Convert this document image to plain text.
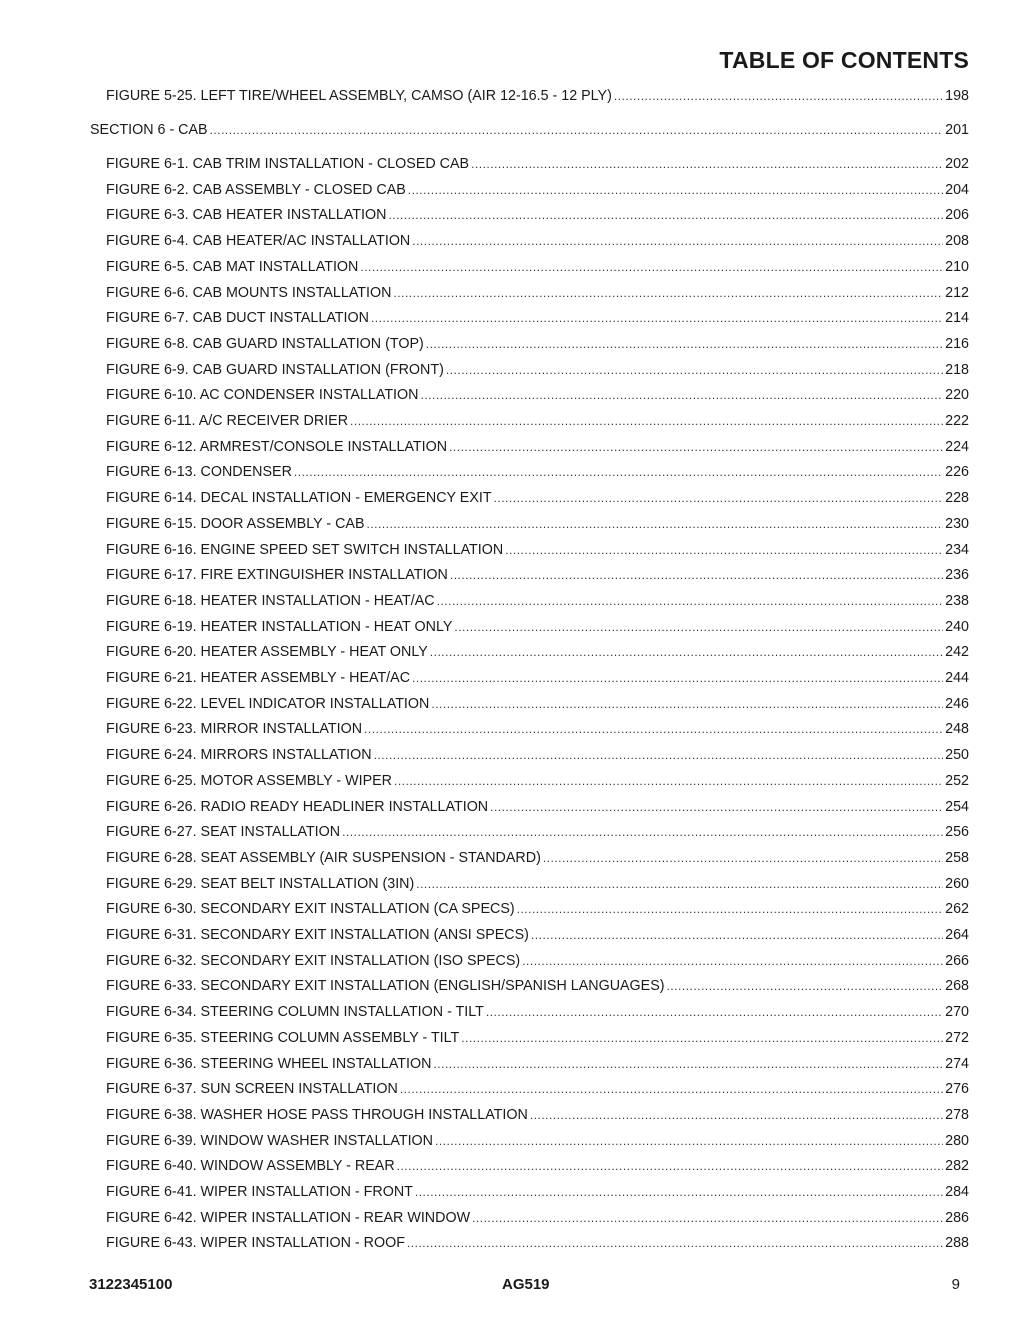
TABLE OF CONTENTS
FIGURE 5-25. LEFT TIRE/WHEEL ASSEMBLY, CAMSO (AIR 12-16.5 - 12 PLY) .....	198
SECTION 6 - CAB .....	201
FIGURE 6-1. CAB TRIM INSTALLATION - CLOSED CAB .....	202
FIGURE 6-2. CAB ASSEMBLY - CLOSED CAB .....	204
FIGURE 6-3. CAB HEATER INSTALLATION .....	206
FIGURE 6-4. CAB HEATER/AC INSTALLATION .....	208
FIGURE 6-5. CAB MAT INSTALLATION .....	210
FIGURE 6-6. CAB MOUNTS INSTALLATION .....	212
FIGURE 6-7. CAB DUCT INSTALLATION .....	214
FIGURE 6-8. CAB GUARD INSTALLATION (TOP) .....	216
FIGURE 6-9. CAB GUARD INSTALLATION (FRONT) .....	218
FIGURE 6-10. AC CONDENSER INSTALLATION .....	220
FIGURE 6-11. A/C RECEIVER DRIER .....	222
FIGURE 6-12. ARMREST/CONSOLE INSTALLATION .....	224
FIGURE 6-13. CONDENSER .....	226
FIGURE 6-14. DECAL INSTALLATION - EMERGENCY EXIT .....	228
FIGURE 6-15. DOOR ASSEMBLY - CAB .....	230
FIGURE 6-16. ENGINE SPEED SET SWITCH INSTALLATION .....	234
FIGURE 6-17. FIRE EXTINGUISHER INSTALLATION .....	236
FIGURE 6-18. HEATER INSTALLATION - HEAT/AC .....	238
FIGURE 6-19. HEATER INSTALLATION - HEAT ONLY .....	240
FIGURE 6-20. HEATER ASSEMBLY - HEAT ONLY .....	242
FIGURE 6-21. HEATER ASSEMBLY - HEAT/AC .....	244
FIGURE 6-22. LEVEL INDICATOR INSTALLATION .....	246
FIGURE 6-23. MIRROR INSTALLATION .....	248
FIGURE 6-24. MIRRORS INSTALLATION .....	250
FIGURE 6-25. MOTOR ASSEMBLY - WIPER .....	252
FIGURE 6-26. RADIO READY HEADLINER INSTALLATION .....	254
FIGURE 6-27. SEAT INSTALLATION .....	256
FIGURE 6-28. SEAT ASSEMBLY (AIR SUSPENSION - STANDARD) .....	258
FIGURE 6-29. SEAT BELT INSTALLATION (3IN) .....	260
FIGURE 6-30. SECONDARY EXIT INSTALLATION (CA SPECS) .....	262
FIGURE 6-31. SECONDARY EXIT INSTALLATION (ANSI SPECS) .....	264
FIGURE 6-32. SECONDARY EXIT INSTALLATION (ISO SPECS) .....	266
FIGURE 6-33. SECONDARY EXIT INSTALLATION (ENGLISH/SPANISH LANGUAGES) .....	268
FIGURE 6-34. STEERING COLUMN INSTALLATION - TILT .....	270
FIGURE 6-35. STEERING COLUMN ASSEMBLY - TILT .....	272
FIGURE 6-36. STEERING WHEEL INSTALLATION .....	274
FIGURE 6-37. SUN SCREEN INSTALLATION .....	276
FIGURE 6-38. WASHER HOSE PASS THROUGH INSTALLATION .....	278
FIGURE 6-39. WINDOW WASHER INSTALLATION .....	280
FIGURE 6-40. WINDOW ASSEMBLY - REAR .....	282
FIGURE 6-41. WIPER INSTALLATION - FRONT .....	284
FIGURE 6-42. WIPER INSTALLATION - REAR WINDOW .....	286
FIGURE 6-43. WIPER INSTALLATION - ROOF .....	288
3122345100	AG519	9
